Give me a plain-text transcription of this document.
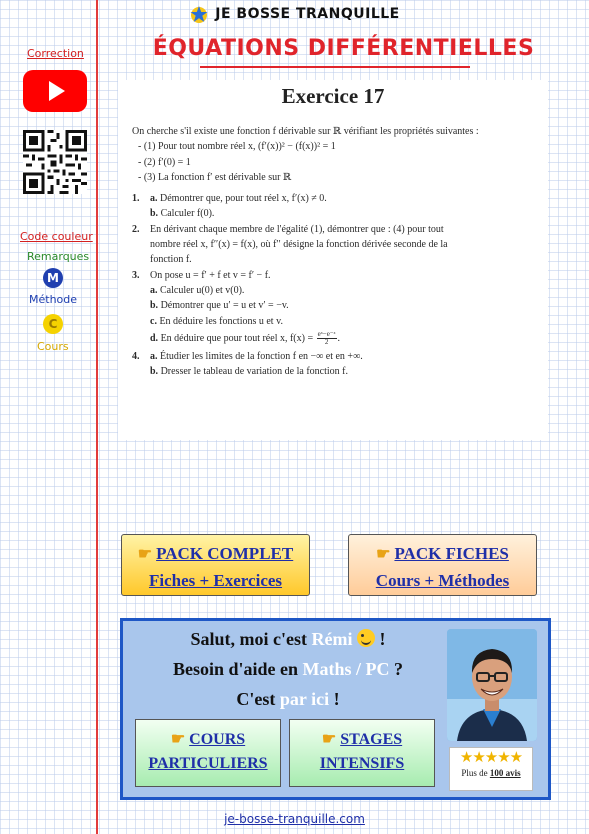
JE BOSSE TRANQUILLE
ÉQUATIONS DIFFÉRENTIELLES
Correction
Code couleur
Remarques
M
Méthode
C
Cours
Exercice 17
On cherche s'il existe une fonction f dérivable sur ℝ vérifiant les propriétés suivantes :
- (1) Pour tout nombre réel x, (f′(x))² − (f(x))² = 1
- (2) f′(0) = 1
- (3) La fonction f′ est dérivable sur ℝ
1.	a.
Démontrer que, pour tout réel x, f′(x) ≠ 0.
b. Calculer f(0).
2.	En dérivant chaque membre de l'égalité (1), démontrer que : (4) pour tout
nombre réel x, f′′(x) = f(x), où f′′ désigne la fonction dérivée seconde de la
fonction f.
3.	On pose u = f′ + f et v = f′ − f.
a. Calculer u(0) et v(0).
b. Démontrer que u′ = u et v′ = −v.
c. En déduire les fonctions u et v.
d. En déduire que pour tout réel x, $f(x) = \frac{\text{eˣ−e⁻ˣ}}{2}$ .
4.	a.
Étudier les limites de la fonction f en −∞ et en +∞.
b. Dresser le tableau de variation de la fonction f.
☛ PACK COMPLET
Fiches + Exercices
☛ PACK FICHES
Cours + Méthodes
Salut, moi c'est Rémi  !
Besoin d'aide en Maths / PC ?
C'est par ici !
☛ COURS
PARTICULIERS
☛ STAGES
INTENSIFS	★★★★★
Plus de 100 avis
je-bosse-tranquille.com
